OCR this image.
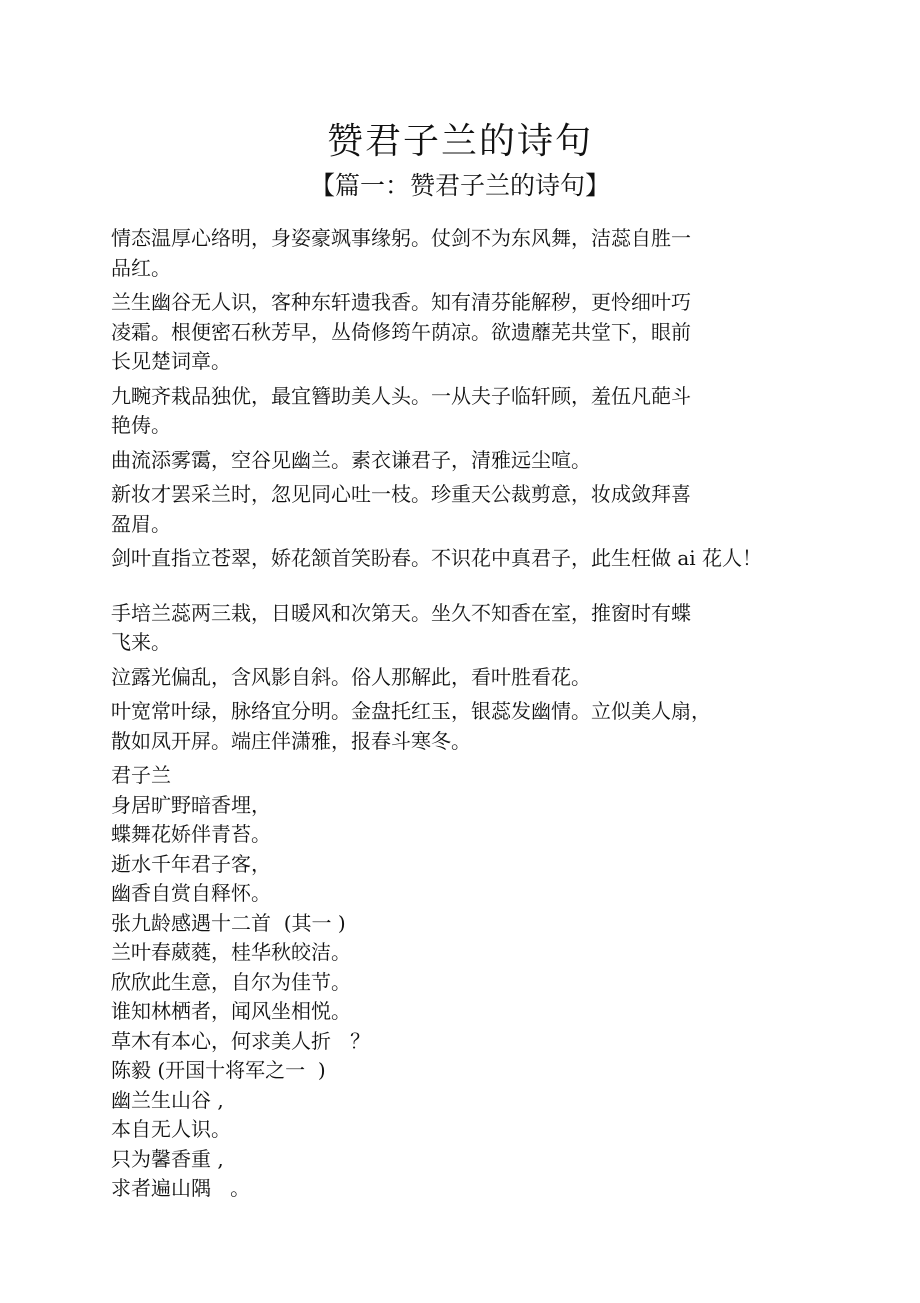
赞君子兰的诗句
【篇一：赞君子兰的诗句】

情态温厚心络明，身姿豪飒事缘躬。仗剑不为东风舞，洁蕊自胜一
品红。

兰生幽谷无人识，客种东轩遗我香。知有清芬能解秽，更怜细叶巧
凌霜。根便密石秋芳早，丛倚修筠午荫凉。欲遗蘼芜共堂下，眼前
长见楚词章。

九畹齐栽品独优，最宜簪助美人头。一从夫子临轩顾，羞伍凡葩斗
艳俦。

曲流添雾霭，空谷见幽兰。素衣谦君子，清雅远尘喧。

新妆才罢采兰时，忽见同心吐一枝。珍重天公裁剪意，妆成敛拜喜
盈眉。

剑叶直指立苍翠，娇花颔首笑盼春。不识花中真君子，此生枉做 ai 花人！

手培兰蕊两三栽，日暖风和次第天。坐久不知香在室，推窗时有蝶
飞来。

泣露光偏乱，含风影自斜。俗人那解此，看叶胜看花。

叶宽常叶绿，脉络宜分明。金盘托红玉，银蕊发幽情。立似美人扇，
散如凤开屏。端庄伴潇雅，报春斗寒冬。

君子兰

身居旷野暗香埋，

蝶舞花娇伴青苔。

逝水千年君子客，

幽香自赏自释怀。

张九龄感遇十二首  (其一 )

兰叶春葳蕤，桂华秋皎洁。

欣欣此生意，自尔为佳节。

谁知林栖者，闻风坐相悦。

草木有本心，何求美人折   ？

陈毅 (开国十将军之一  )

幽兰生山谷 ,

本自无人识。

只为馨香重 ,

求者遍山隅   。
